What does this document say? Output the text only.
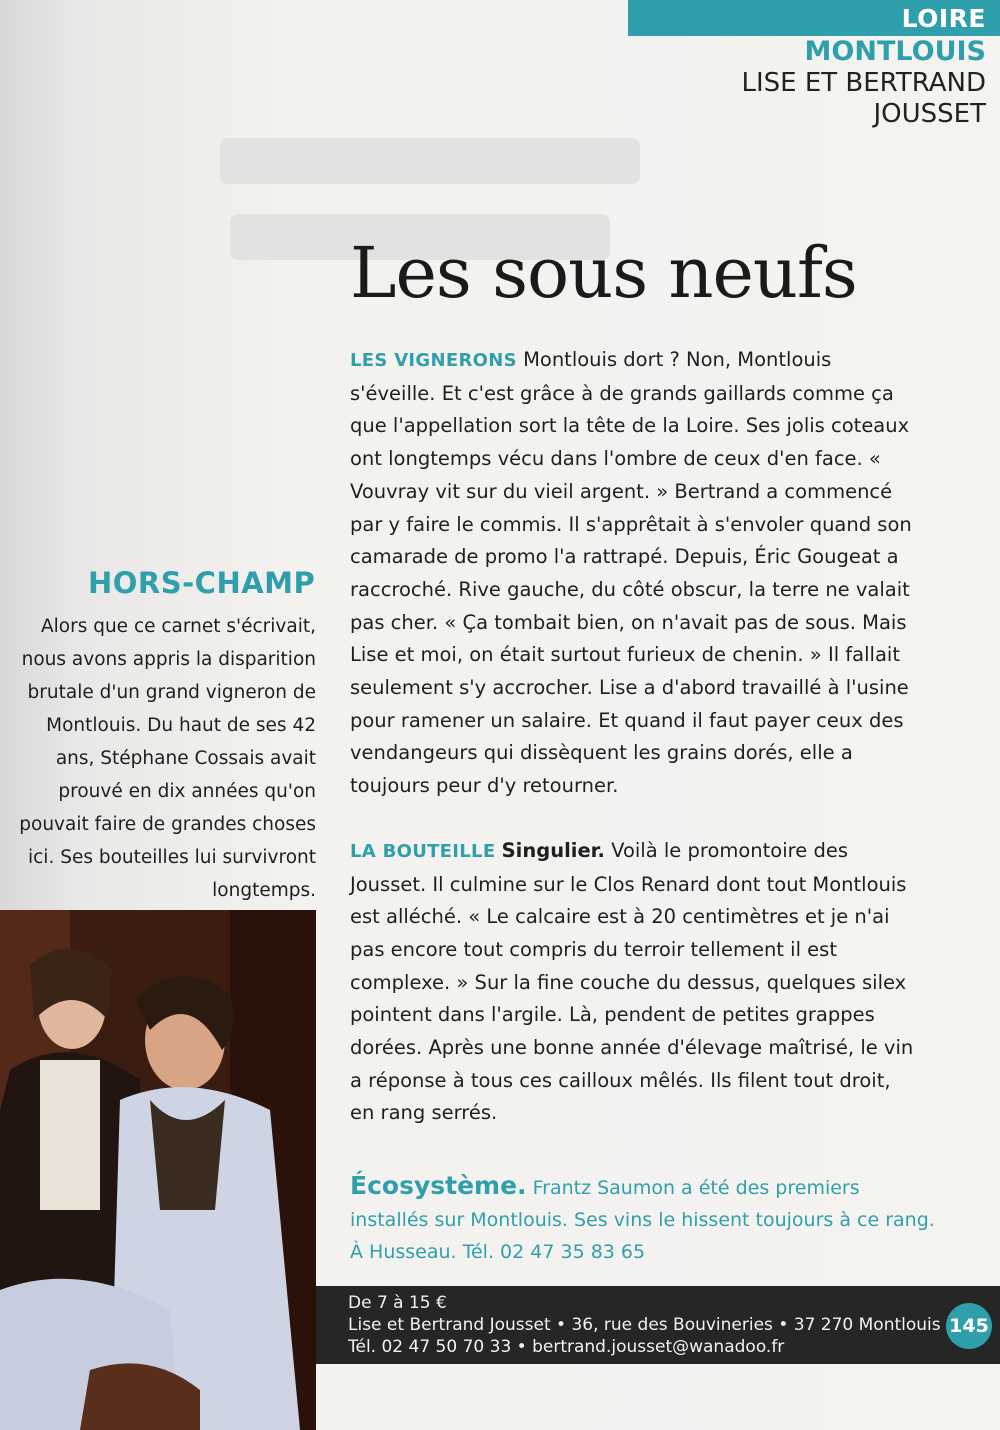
LOIRE
MONTLOUIS
LISE ET BERTRAND JOUSSET
Les sous neufs

LES VIGNERONS Montlouis dort ? Non, Montlouis s'éveille. Et c'est grâce à de grands gaillards comme ça que l'appellation sort la tête de la Loire. Ses jolis coteaux ont longtemps vécu dans l'ombre de ceux d'en face. « Vouvray vit sur du vieil argent. » Bertrand a commencé par y faire le commis. Il s'apprêtait à s'envoler quand son camarade de promo l'a rattrapé. Depuis, Éric Gougeat a raccroché. Rive gauche, du côté obscur, la terre ne valait pas cher. « Ça tombait bien, on n'avait pas de sous. Mais Lise et moi, on était surtout furieux de chenin. » Il fallait seulement s'y accrocher. Lise a d'abord travaillé à l'usine pour ramener un salaire. Et quand il faut payer ceux des vendangeurs qui dissèquent les grains dorés, elle a toujours peur d'y retourner.

LA BOUTEILLE Singulier. Voilà le promontoire des Jousset. Il culmine sur le Clos Renard dont tout Montlouis est alléché. « Le calcaire est à 20 centimètres et je n'ai pas encore tout compris du terroir tellement il est complexe. » Sur la fine couche du dessus, quelques silex pointent dans l'argile. Là, pendent de petites grappes dorées. Après une bonne année d'élevage maîtrisé, le vin a réponse à tous ces cailloux mêlés. Ils filent tout droit, en rang serrés.

Écosystème. Frantz Saumon a été des premiers installés sur Montlouis. Ses vins le hissent toujours à ce rang. À Husseau. Tél. 02 47 35 83 65
HORS-CHAMP
Alors que ce carnet s'écrivait, nous avons appris la disparition brutale d'un grand vigneron de Montlouis. Du haut de ses 42 ans, Stéphane Cossais avait prouvé en dix années qu'on pouvait faire de grandes choses ici. Ses bouteilles lui survivront longtemps.
De 7 à 15 €
Lise et Bertrand Jousset • 36, rue des Bouvineries • 37 270 Montlouis
Tél. 02 47 50 70 33 • bertrand.jousset@wanadoo.fr
145
